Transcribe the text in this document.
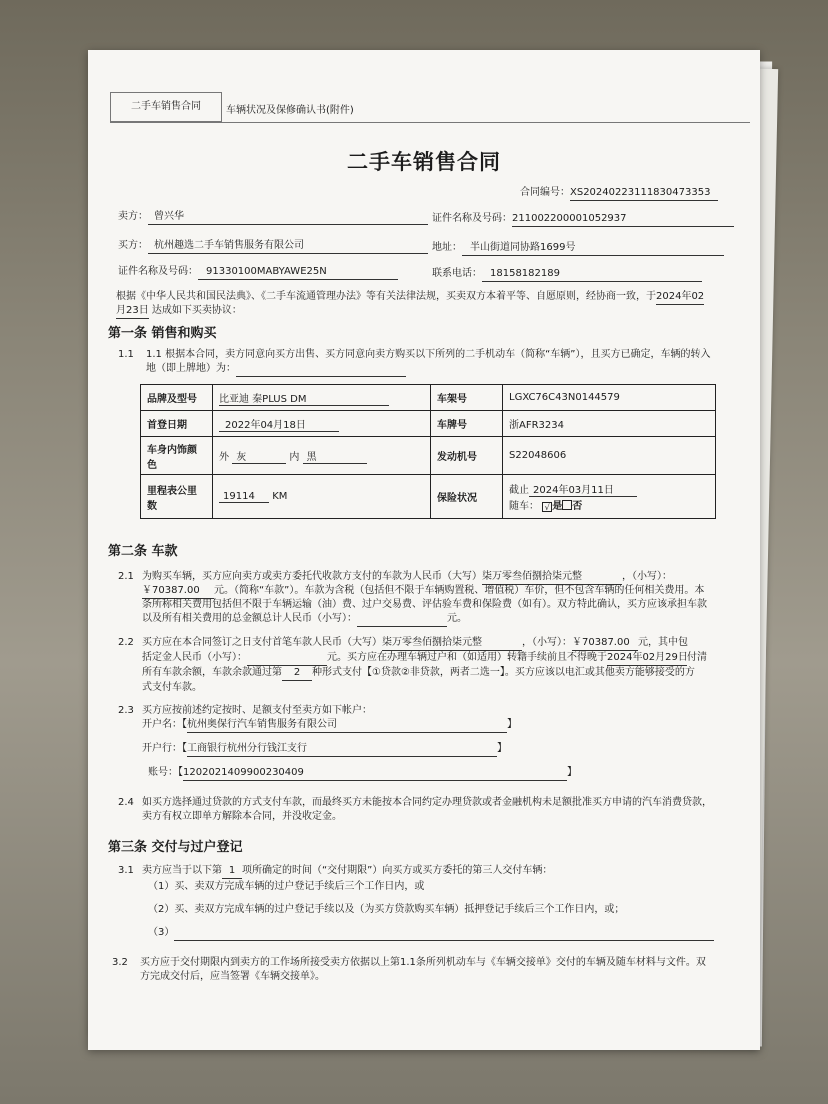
二手车销售合同	车辆状况及保修确认书(附件)
二手车销售合同
合同编号：XS20240223111830473353
卖方： 曾兴华	证件名称及号码：211002200001052937
买方： 杭州趣选二手车销售服务有限公司	地址： 半山街道同协路1699号
证件名称及号码： 91330100MABYAWE25N	联系电话： 18158182189
根据《中华人民共和国民法典》、《二手车流通管理办法》等有关法律法规，买卖双方本着平等、自愿原则，经协商一致，于2024年02
月23日 达成如下买卖协议：
第一条 销售和购买
1.1 1.1 根据本合同，卖方同意向买方出售、买方同意向卖方购买以下所列的二手机动车（简称“车辆”），且买方已确定，车辆的转入
地（即上牌地）为：
品牌及型号	比亚迪 秦PLUS DM	车架号	LGXC76C43N0144579
首登日期	2022年04月18日	车牌号	浙AFR3234
车身内饰颜
色	外 灰 内 黑	发动机号	S22048606
里程表公里
数	19114 KM	保险状况	截止 2024年03月11日
随车： √ 是 否
第二条 车款
2.1 为购买车辆，买方应向卖方或卖方委托代收款方支付的车款为人民币（大写）柒万零叁佰捌拾柒元整	，（小写）：
￥70387.00 元。（简称“车款”）。车款为含税（包括但不限于车辆购置税、增值税）车价，但不包含车辆的任何相关费用。本
条所称相关费用包括但不限于车辆运输（油）费、过户交易费、评估验车费和保险费（如有）。双方特此确认，买方应该承担车款
以及所有相关费用的总金额总计人民币（小写）：	元。
2.2 买方应在本合同签订之日支付首笔车款人民币（大写）柒万零叁佰捌拾柒元整	，（小写）：￥70387.00 元，其中包
括定金人民币（小写）：	元。买方应在办理车辆过户和（如适用）转籍手续前且不得晚于2024年02月29日付清
所有车款余额，车款余款通过第 2 种形式支付【①贷款②非贷款，两者二选一】。买方应该以电汇或其他卖方能够接受的方
式支付车款。
2.3 买方应按前述约定按时、足额支付至卖方如下帐户：
开户名：【杭州奥保行汽车销售服务有限公司	】
开户行：【工商银行杭州分行钱江支行	】
账号：【1202021409900230409	】
2.4 如买方选择通过贷款的方式支付车款，而最终买方未能按本合同约定办理贷款或者金融机构未足额批准买方申请的汽车消费贷款，
卖方有权立即单方解除本合同，并没收定金。
第三条 交付与过户登记
3.1 卖方应当于以下第 1 项所确定的时间（“交付期限”）向买方或买方委托的第三人交付车辆：
（1）买、卖双方完成车辆的过户登记手续后三个工作日内，或
（2）买、卖双方完成车辆的过户登记手续以及（为买方贷款购买车辆）抵押登记手续后三个工作日内，或；
（3）
3.2 买方应于交付期限内到卖方的工作场所接受卖方依据以上第1.1条所列机动车与《车辆交接单》交付的车辆及随车材料与文件。双
方完成交付后，应当签署《车辆交接单》。
